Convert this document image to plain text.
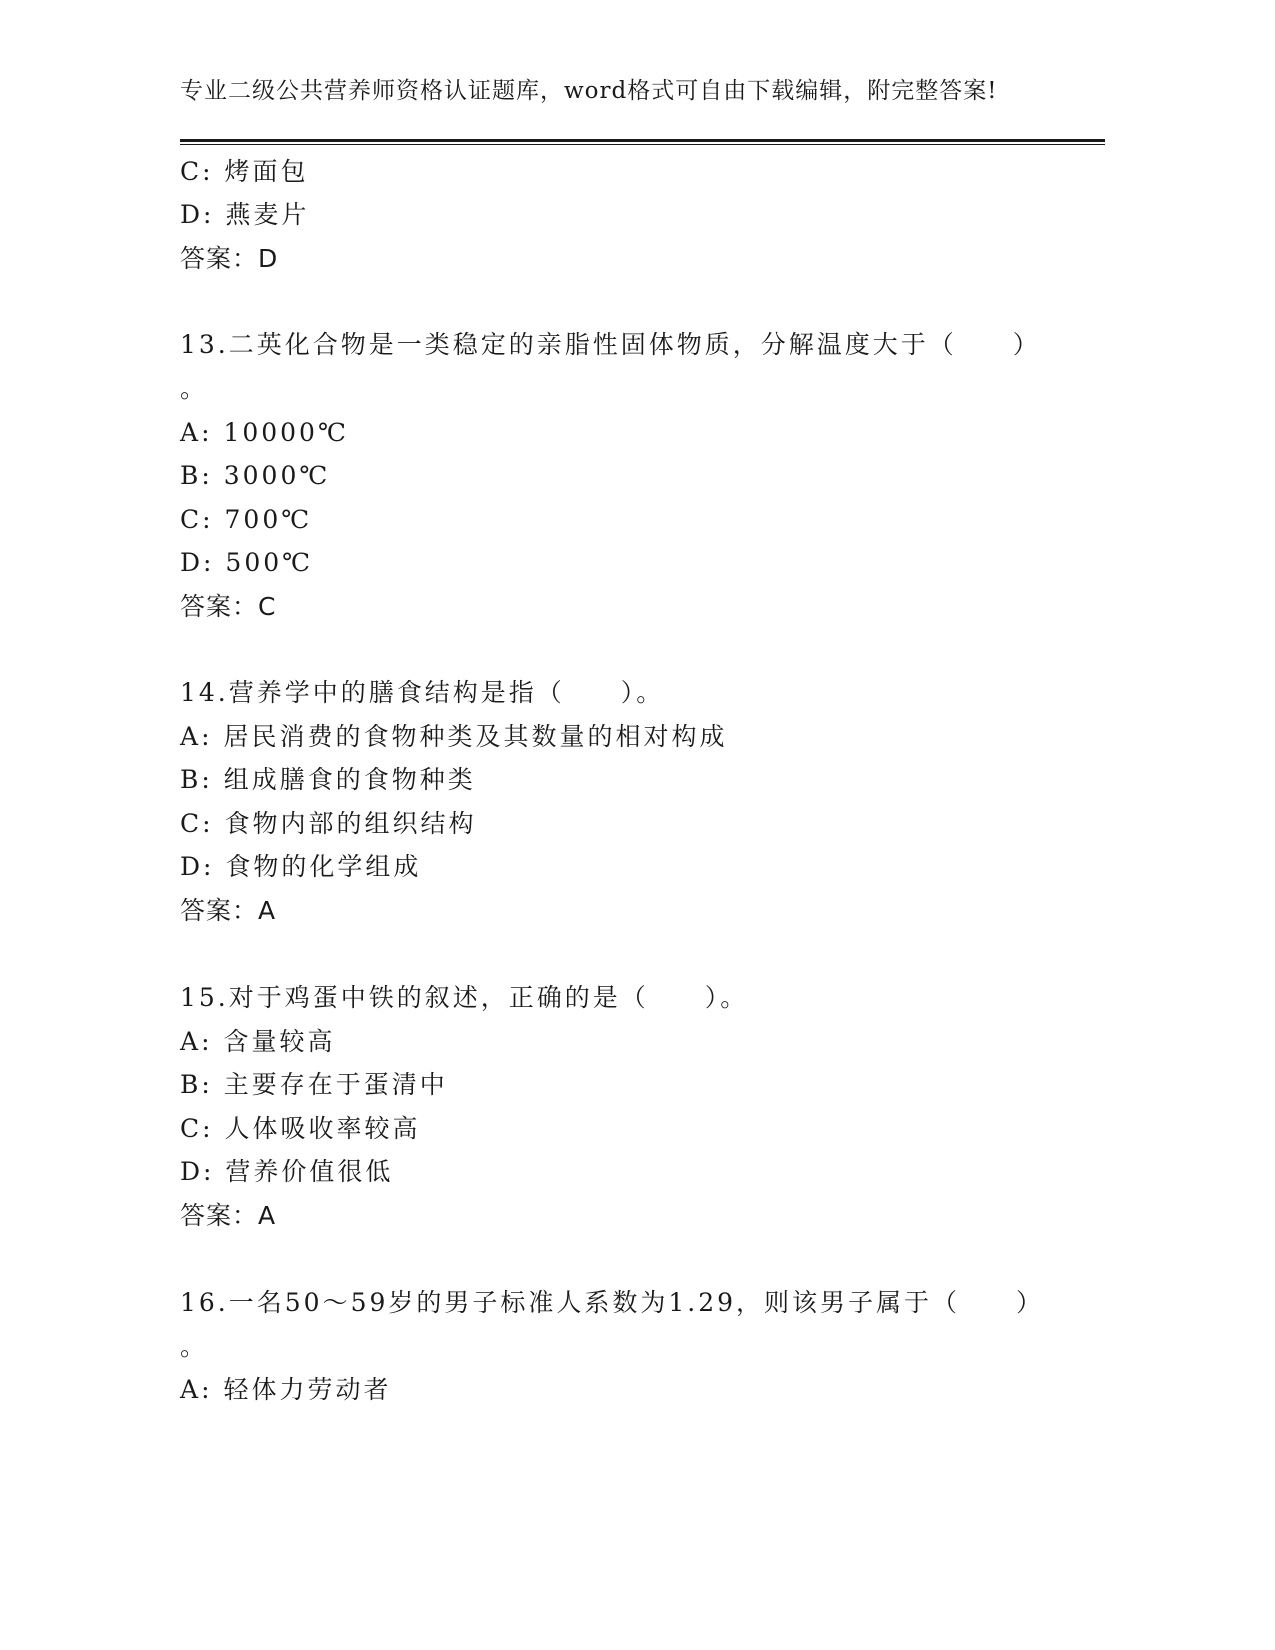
专业二级公共营养师资格认证题库，word格式可自由下载编辑，附完整答案!
C: 烤面包
D: 燕麦片
答案：D
13.二英化合物是一类稳定的亲脂性固体物质，分解温度大于（　　）
。
A: 10000℃
B: 3000℃
C: 700℃
D: 500℃
答案：C
14.营养学中的膳食结构是指（　　）。
A: 居民消费的食物种类及其数量的相对构成
B: 组成膳食的食物种类
C: 食物内部的组织结构
D: 食物的化学组成
答案：A
15.对于鸡蛋中铁的叙述，正确的是（　　）。
A: 含量较高
B: 主要存在于蛋清中
C: 人体吸收率较高
D: 营养价值很低
答案：A
16.一名50～59岁的男子标准人系数为1.29，则该男子属于（　　）
。
A: 轻体力劳动者
